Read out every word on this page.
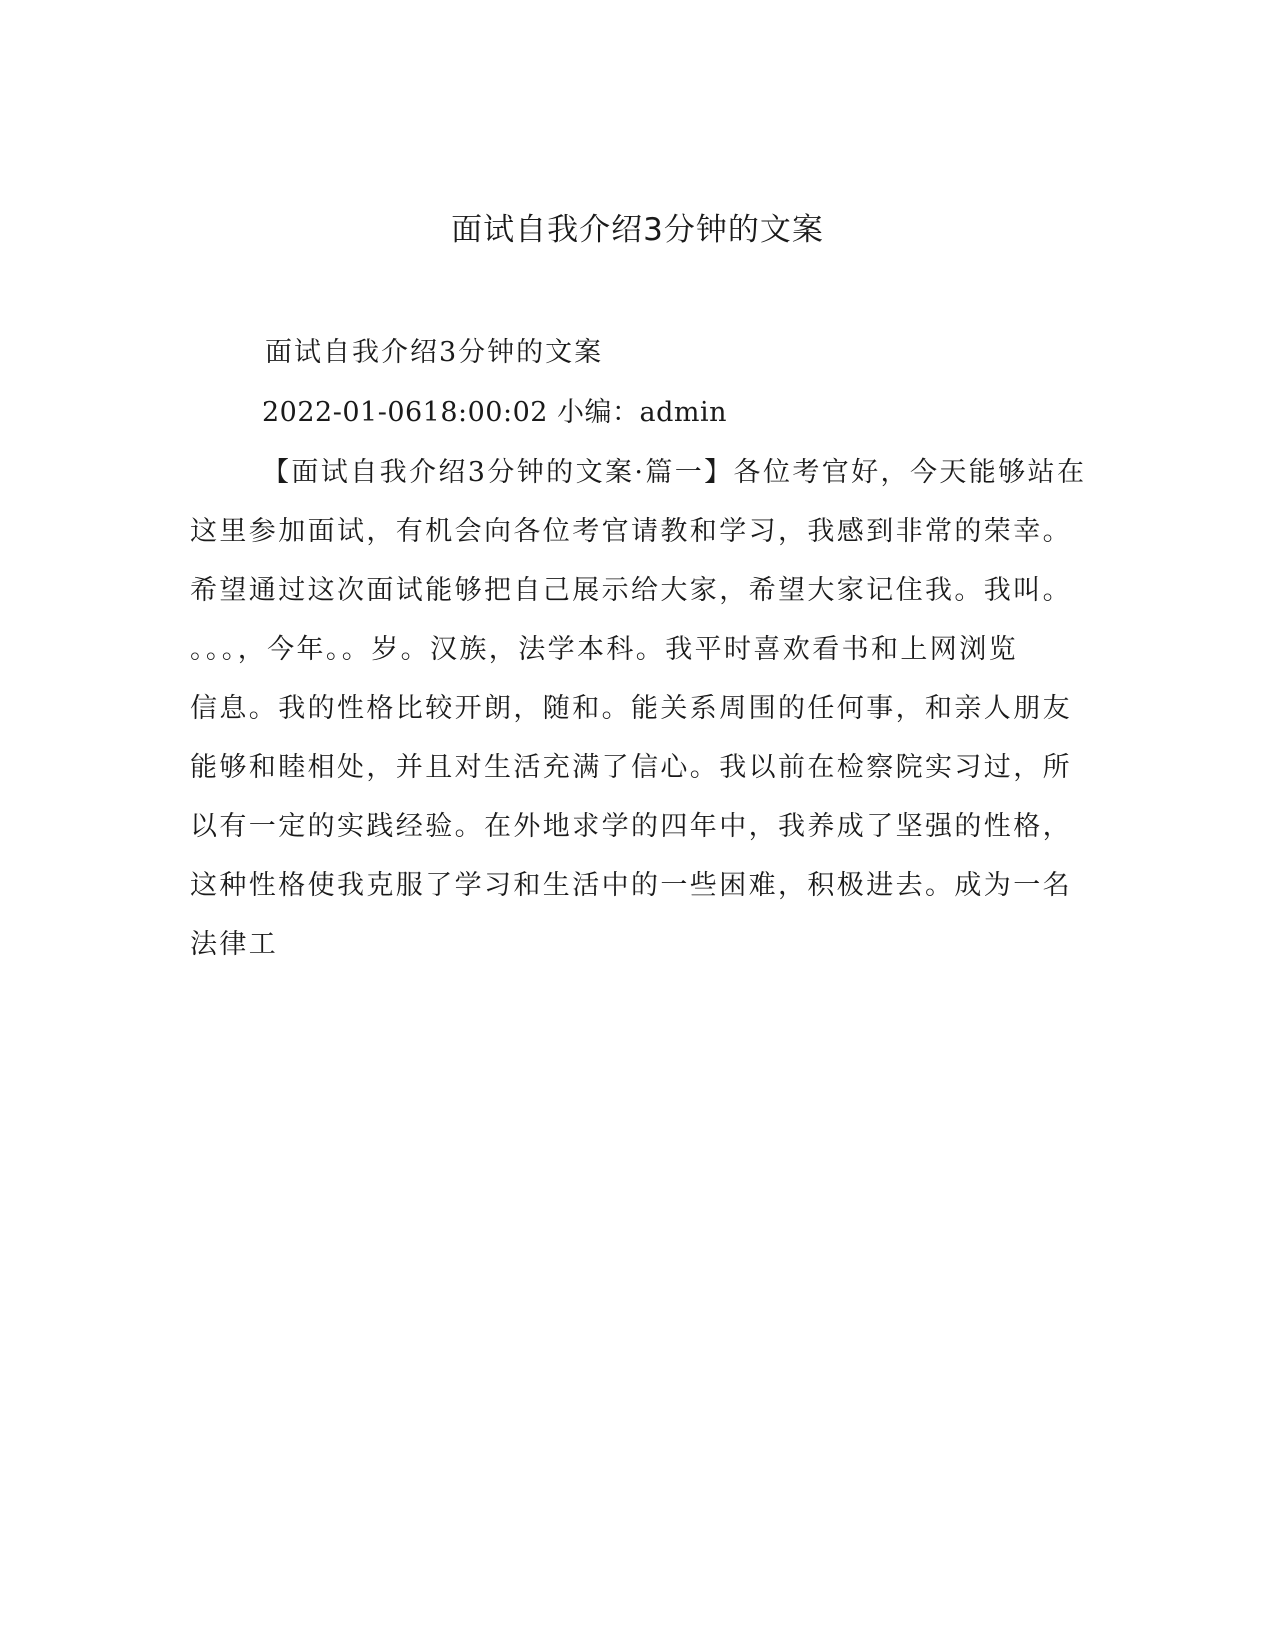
面试自我介绍3分钟的文案

面试自我介绍3分钟的文案

2022-01-0618:00:02 小编：admin

【面试自我介绍3分钟的文案·篇一】各位考官好，今天能够站在

这里参加面试，有机会向各位考官请教和学习，我感到非常的荣幸。

希望通过这次面试能够把自己展示给大家，希望大家记住我。我叫。

。。。，今年。。岁。汉族，法学本科。我平时喜欢看书和上网浏览

信息。我的性格比较开朗，随和。能关系周围的任何事，和亲人朋友

能够和睦相处，并且对生活充满了信心。我以前在检察院实习过，所

以有一定的实践经验。在外地求学的四年中，我养成了坚强的性格，

这种性格使我克服了学习和生活中的一些困难，积极进去。成为一名

法律工
